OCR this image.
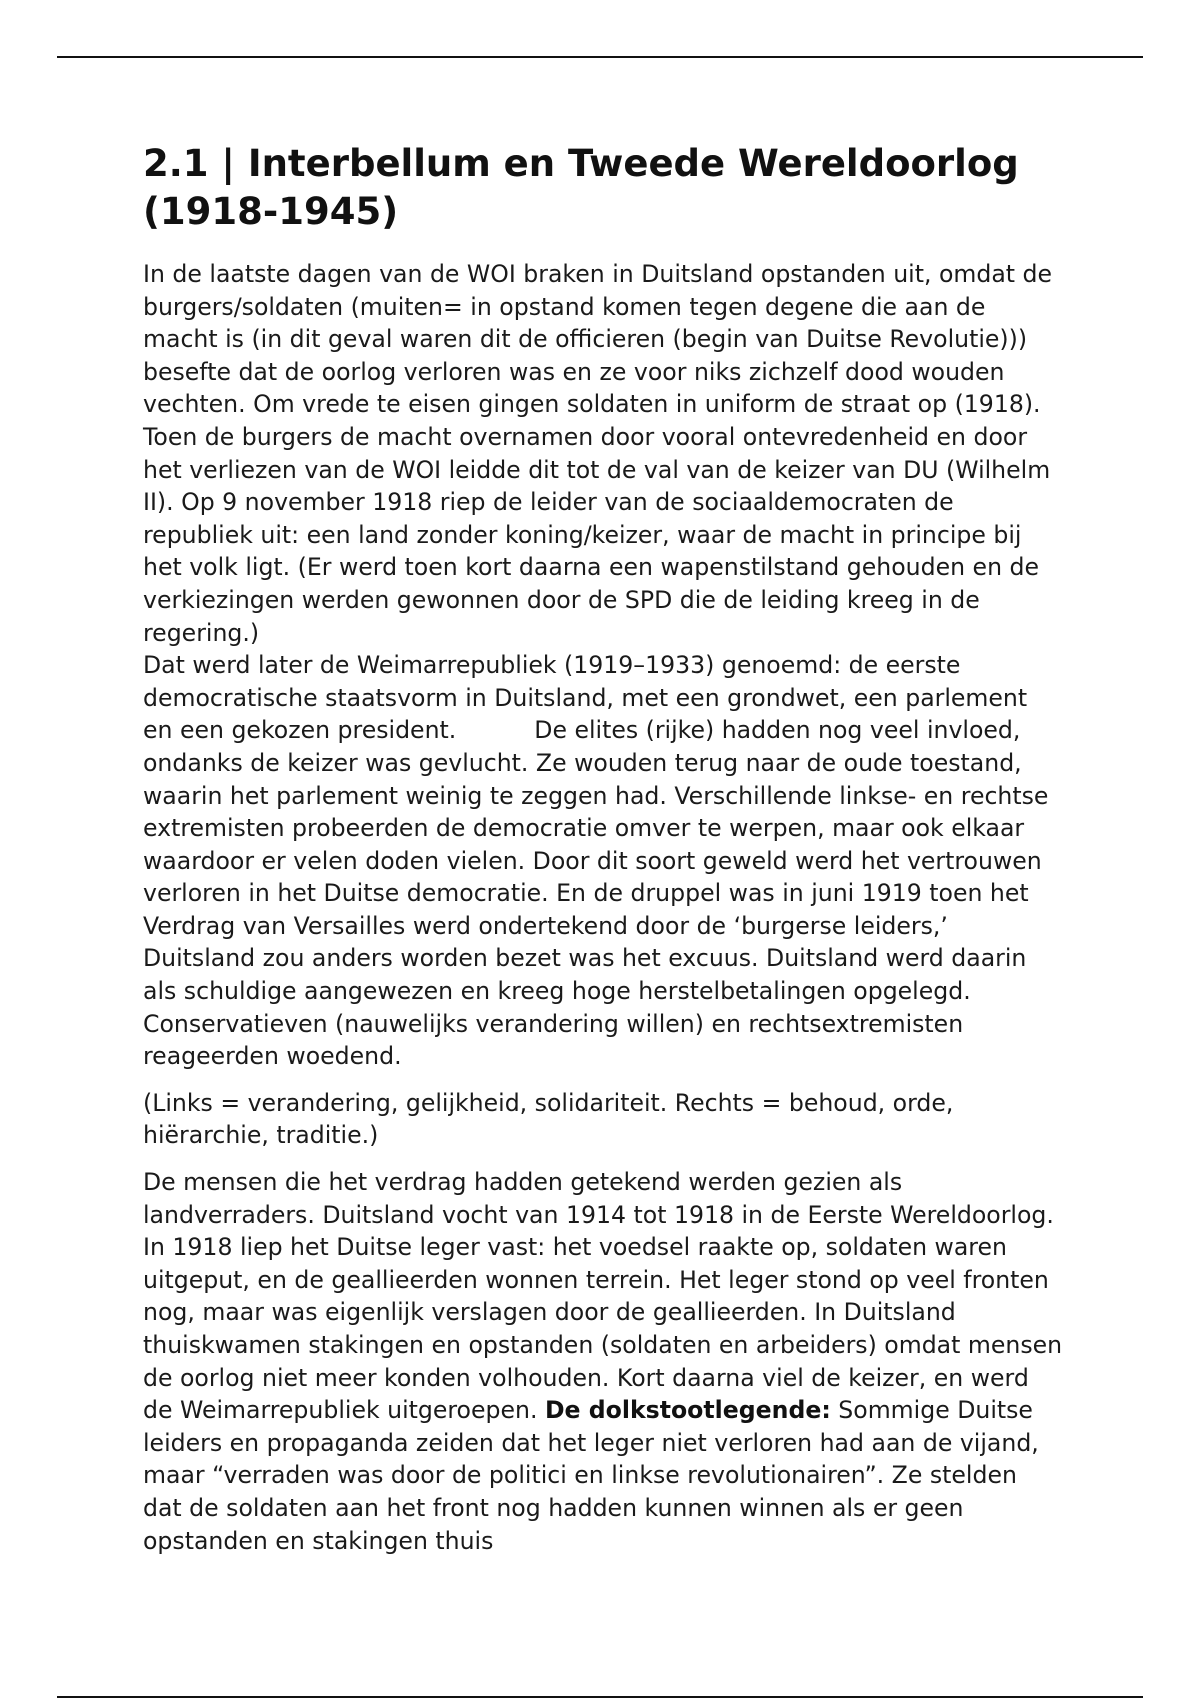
2.1 | Interbellum en Tweede Wereldoorlog
(1918-1945)

In de laatste dagen van de WOI braken in Duitsland opstanden uit, omdat de burgers/soldaten (muiten= in opstand komen tegen degene die aan de macht is (in dit geval waren dit de officieren (begin van Duitse Revolutie))) besefte dat de oorlog verloren was en ze voor niks zichzelf dood wouden vechten. Om vrede te eisen gingen soldaten in uniform de straat op (1918). Toen de burgers de macht overnamen door vooral ontevredenheid en door het verliezen van de WOI leidde dit tot de val van de keizer van DU (Wilhelm II). Op 9 november 1918 riep de leider van de sociaaldemocraten de republiek uit: een land zonder koning/keizer, waar de macht in principe bij het volk ligt. (Er werd toen kort daarna een wapenstilstand gehouden en de verkiezingen werden gewonnen door de SPD die de leiding kreeg in de regering.)

Dat werd later de Weimarrepubliek (1919–1933) genoemd: de eerste democratische staatsvorm in Duitsland, met een grondwet, een parlement en een gekozen president.	De elites (rijke) hadden nog veel invloed, ondanks de keizer was gevlucht. Ze wouden terug naar de oude toestand, waarin het parlement weinig te zeggen had. Verschillende linkse- en rechtse extremisten probeerden de democratie omver te werpen, maar ook elkaar waardoor er velen doden vielen. Door dit soort geweld werd het vertrouwen verloren in het Duitse democratie. En de druppel was in juni 1919 toen het Verdrag van Versailles werd ondertekend door de ‘burgerse leiders,’ Duitsland zou anders worden bezet was het excuus. Duitsland werd daarin als schuldige aangewezen en kreeg hoge herstelbetalingen opgelegd. Conservatieven (nauwelijks verandering willen) en rechtsextremisten reageerden woedend.

(Links = verandering, gelijkheid, solidariteit. Rechts = behoud, orde, hiërarchie, traditie.)

De mensen die het verdrag hadden getekend werden gezien als landverraders. Duitsland vocht van 1914 tot 1918 in de Eerste Wereldoorlog. In 1918 liep het Duitse leger vast: het voedsel raakte op, soldaten waren uitgeput, en de geallieerden wonnen terrein. Het leger stond op veel fronten nog, maar was eigenlijk verslagen door de geallieerden. In Duitsland thuiskwamen stakingen en opstanden (soldaten en arbeiders) omdat mensen de oorlog niet meer konden volhouden. Kort daarna viel de keizer, en werd de Weimarrepubliek uitgeroepen. De dolkstootlegende: Sommige Duitse leiders en propaganda zeiden dat het leger niet verloren had aan de vijand, maar “verraden was door de politici en linkse revolutionairen”. Ze stelden dat de soldaten aan het front nog hadden kunnen winnen als er geen opstanden en stakingen thuis
